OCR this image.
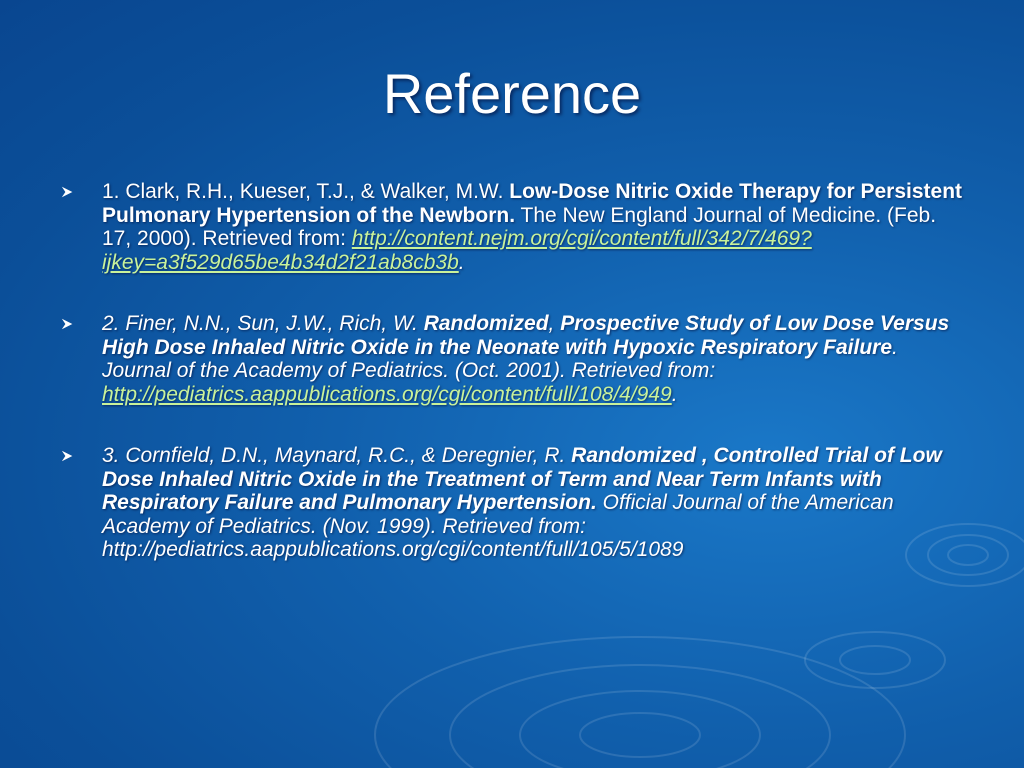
Reference
1. Clark, R.H., Kueser, T.J., & Walker, M.W. Low-Dose Nitric Oxide Therapy for Persistent Pulmonary Hypertension of the Newborn. The New England Journal of Medicine. (Feb. 17, 2000). Retrieved from: http://content.nejm.org/cgi/content/full/342/7/469?ijkey=a3f529d65be4b34d2f21ab8cb3b.
2. Finer, N.N., Sun, J.W., Rich, W. Randomized, Prospective Study of Low Dose Versus High Dose Inhaled Nitric Oxide in the Neonate with Hypoxic Respiratory Failure. Journal of the Academy of Pediatrics. (Oct. 2001). Retrieved from: http://pediatrics.aappublications.org/cgi/content/full/108/4/949.
3. Cornfield, D.N., Maynard, R.C., & Deregnier, R. Randomized , Controlled Trial of Low Dose Inhaled Nitric Oxide in the Treatment of Term and Near Term Infants with Respiratory Failure and Pulmonary Hypertension. Official Journal of the American Academy of Pediatrics. (Nov. 1999). Retrieved from: http://pediatrics.aappublications.org/cgi/content/full/105/5/1089
